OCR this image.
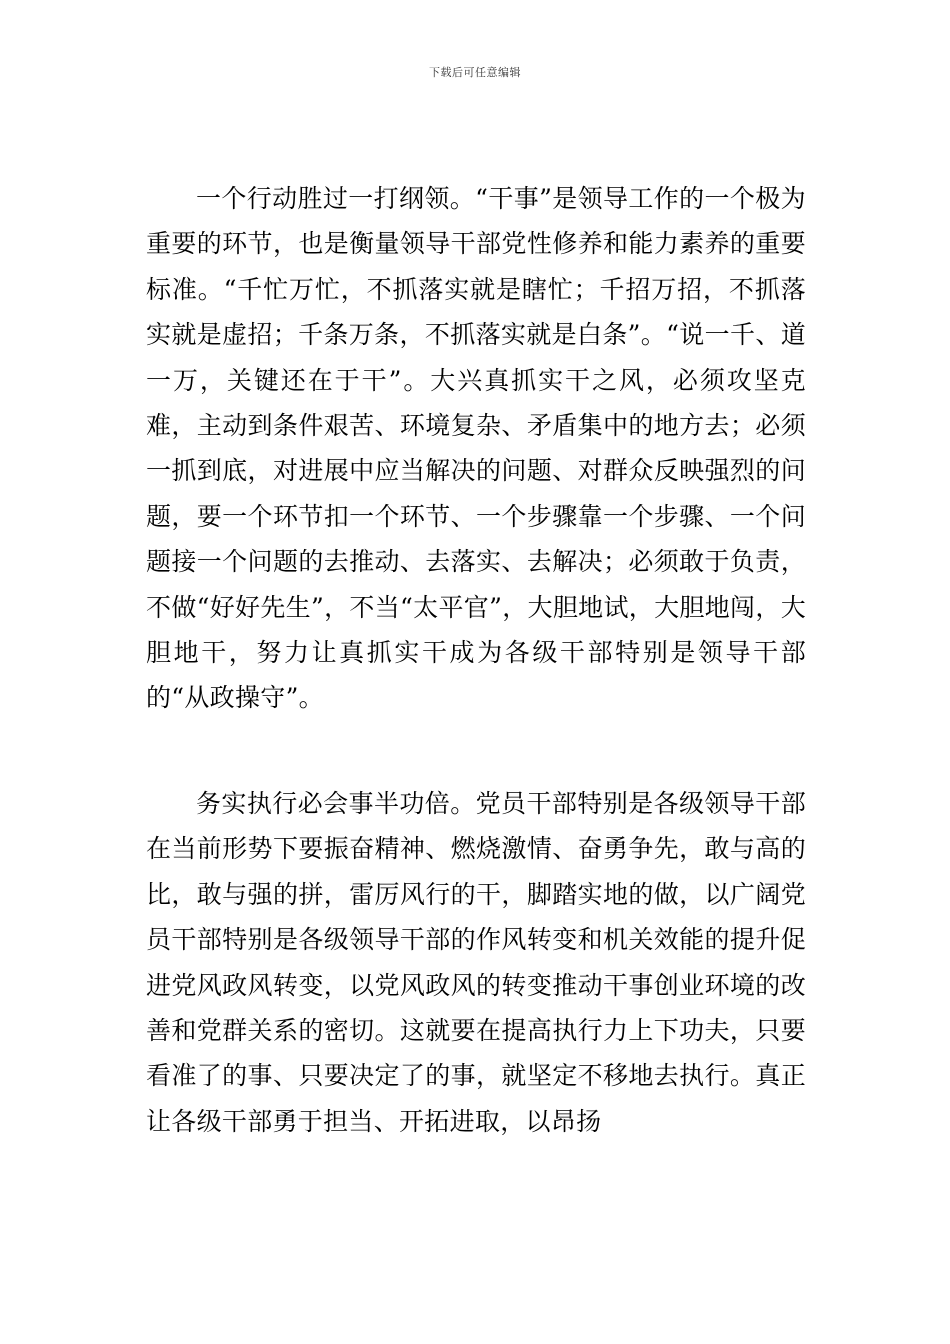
下载后可任意编辑

一个行动胜过一打纲领。“干事”是领导工作的一个极为重要的环节，也是衡量领导干部党性修养和能力素养的重要标准。“千忙万忙，不抓落实就是瞎忙；千招万招，不抓落实就是虚招；千条万条，不抓落实就是白条”。“说一千、道一万，关键还在于干”。大兴真抓实干之风，必须攻坚克难，主动到条件艰苦、环境复杂、矛盾集中的地方去；必须一抓到底，对进展中应当解决的问题、对群众反映强烈的问题，要一个环节扣一个环节、一个步骤靠一个步骤、一个问题接一个问题的去推动、去落实、去解决；必须敢于负责，不做“好好先生”，不当“太平官”，大胆地试，大胆地闯，大胆地干，努力让真抓实干成为各级干部特别是领导干部的“从政操守”。

务实执行必会事半功倍。党员干部特别是各级领导干部在当前形势下要振奋精神、燃烧激情、奋勇争先，敢与高的比，敢与强的拼，雷厉风行的干，脚踏实地的做，以广阔党员干部特别是各级领导干部的作风转变和机关效能的提升促进党风政风转变，以党风政风的转变推动干事创业环境的改善和党群关系的密切。这就要在提高执行力上下功夫，只要看准了的事、只要决定了的事，就坚定不移地去执行。真正让各级干部勇于担当、开拓进取，以昂扬
